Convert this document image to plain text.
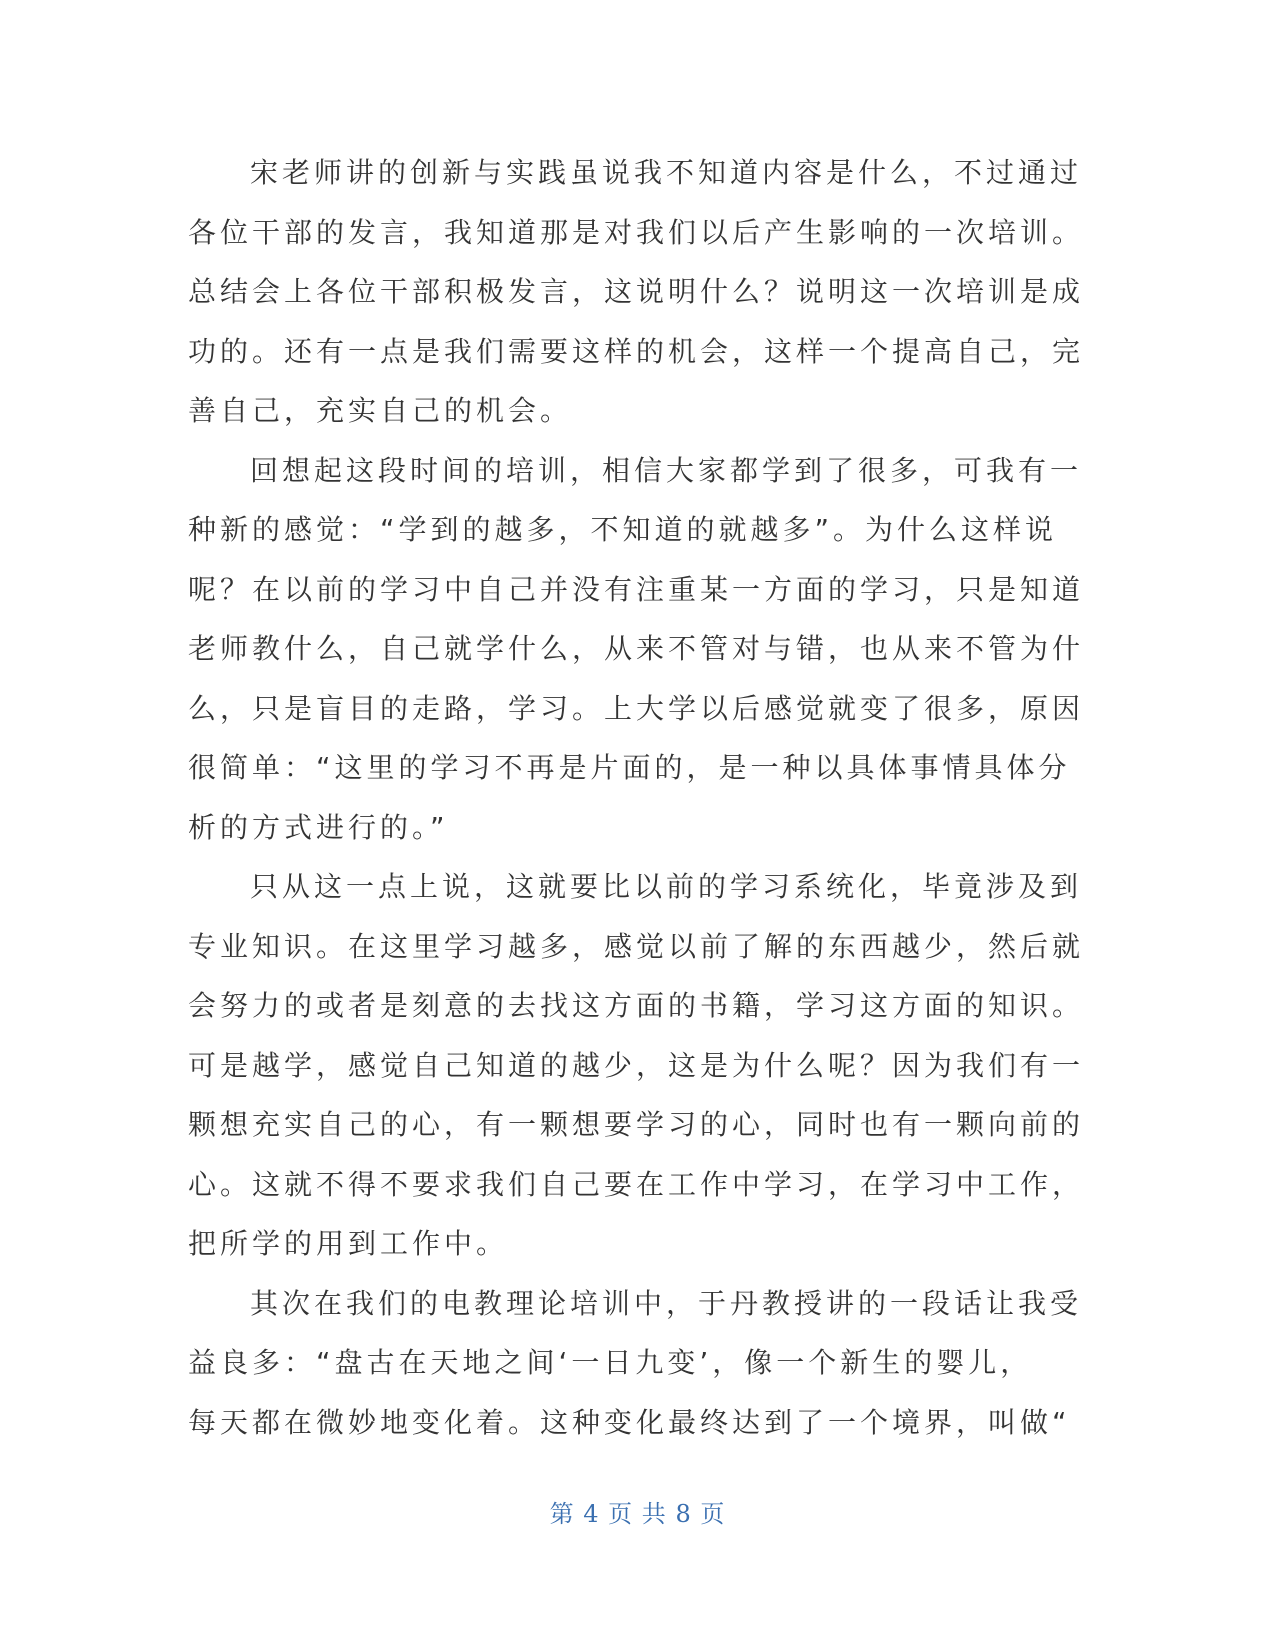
宋老师讲的创新与实践虽说我不知道内容是什么，不过通过
各位干部的发言，我知道那是对我们以后产生影响的一次培训。
总结会上各位干部积极发言，这说明什么？说明这一次培训是成
功的。还有一点是我们需要这样的机会，这样一个提高自己，完
善自己，充实自己的机会。
回想起这段时间的培训，相信大家都学到了很多，可我有一
种新的感觉：“学到的越多，不知道的就越多”。为什么这样说
呢？在以前的学习中自己并没有注重某一方面的学习，只是知道
老师教什么，自己就学什么，从来不管对与错，也从来不管为什
么，只是盲目的走路，学习。上大学以后感觉就变了很多，原因
很简单：“这里的学习不再是片面的，是一种以具体事情具体分
析的方式进行的。”
只从这一点上说，这就要比以前的学习系统化，毕竟涉及到
专业知识。在这里学习越多，感觉以前了解的东西越少，然后就
会努力的或者是刻意的去找这方面的书籍，学习这方面的知识。
可是越学，感觉自己知道的越少，这是为什么呢？因为我们有一
颗想充实自己的心，有一颗想要学习的心，同时也有一颗向前的
心。这就不得不要求我们自己要在工作中学习，在学习中工作，
把所学的用到工作中。
其次在我们的电教理论培训中，于丹教授讲的一段话让我受
益良多：“盘古在天地之间‘一日九变’，像一个新生的婴儿，
每天都在微妙地变化着。这种变化最终达到了一个境界，叫做“
第 4 页 共 8 页
